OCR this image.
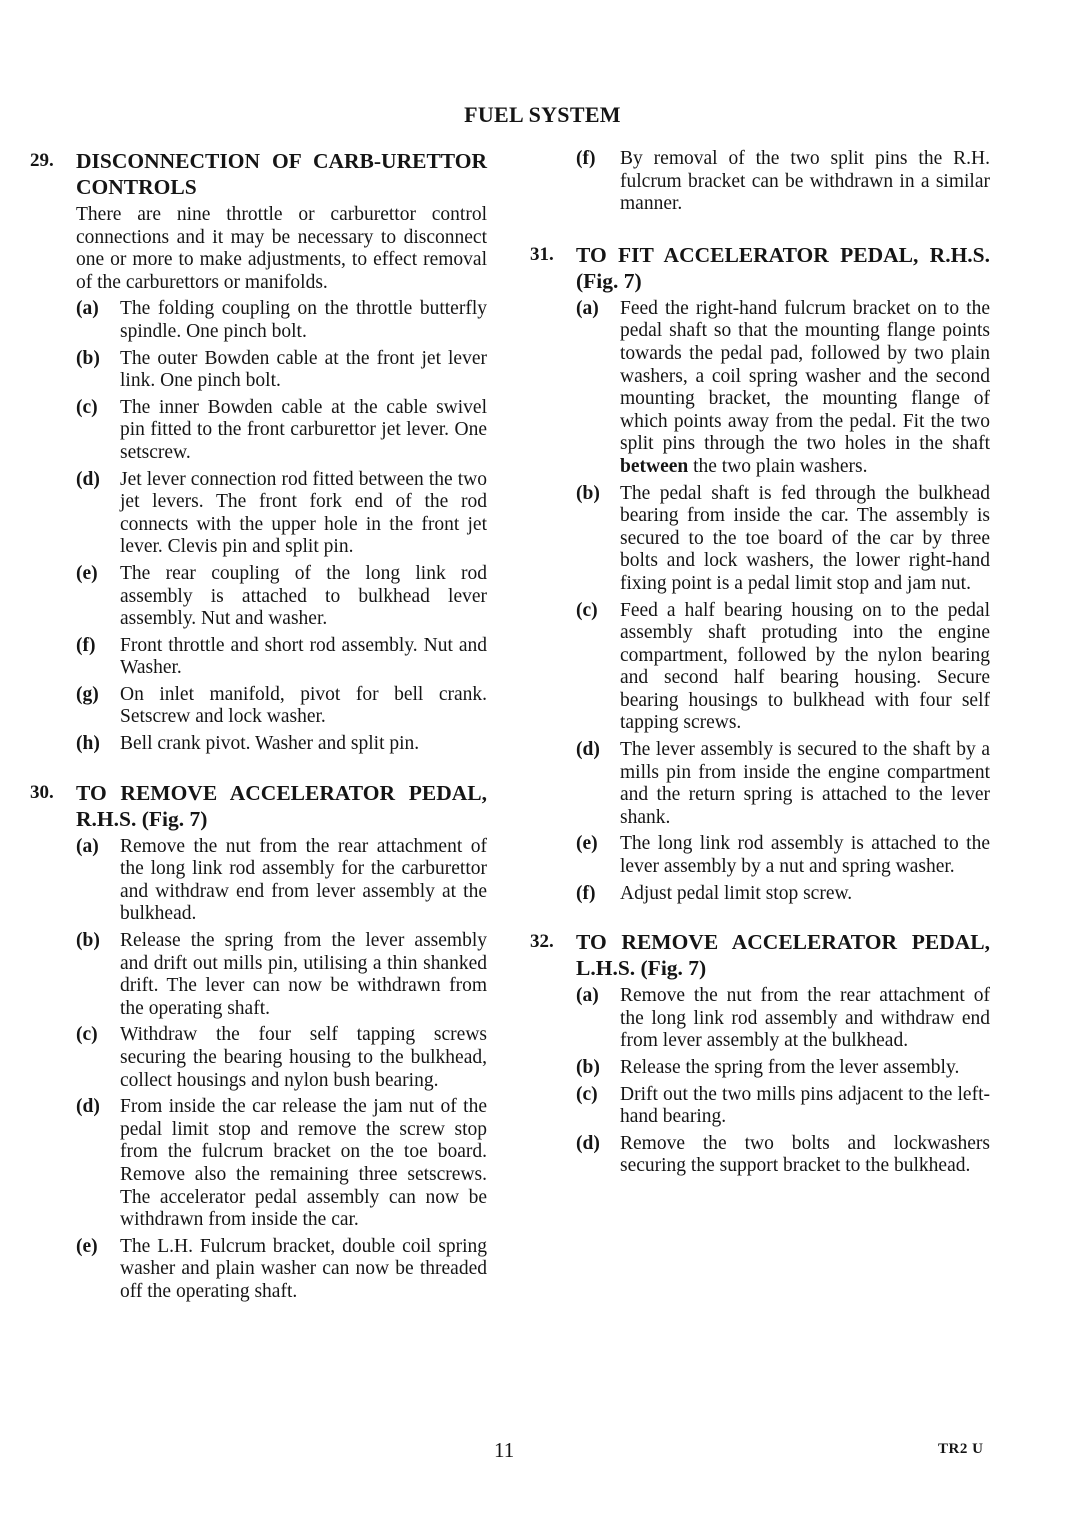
FUEL SYSTEM
29.	DISCONNECTION OF CARB-URETTOR CONTROLS
There are nine throttle or carburettor control connections and it may be necessary to disconnect one or more to make adjustments, to effect removal of the carburettors or manifolds.
(a)	The folding coupling on the throttle butterfly spindle. One pinch bolt.
(b)	The outer Bowden cable at the front jet lever link. One pinch bolt.
(c)	The inner Bowden cable at the cable swivel pin fitted to the front carburettor jet lever. One setscrew.
(d)	Jet lever connection rod fitted between the two jet levers. The front fork end of the rod connects with the upper hole in the front jet lever. Clevis pin and split pin.
(e)	The rear coupling of the long link rod assembly is attached to bulkhead lever assembly. Nut and washer.
(f)	Front throttle and short rod assembly. Nut and Washer.
(g)	On inlet manifold, pivot for bell crank. Setscrew and lock washer.
(h)	Bell crank pivot. Washer and split pin.
30.	TO REMOVE ACCELERATOR PEDAL, R.H.S. (Fig. 7)
(a)	Remove the nut from the rear attachment of the long link rod assembly for the carburettor and withdraw end from lever assembly at the bulkhead.
(b)	Release the spring from the lever assembly and drift out mills pin, utilising a thin shanked drift. The lever can now be withdrawn from the operating shaft.
(c)	Withdraw the four self tapping screws securing the bearing housing to the bulkhead, collect housings and nylon bush bearing.
(d)	From inside the car release the jam nut of the pedal limit stop and remove the screw stop from the fulcrum bracket on the toe board. Remove also the remaining three setscrews. The accelerator pedal assembly can now be withdrawn from inside the car.
(e)	The L.H. Fulcrum bracket, double coil spring washer and plain washer can now be threaded off the operating shaft.
(f)	By removal of the two split pins the R.H. fulcrum bracket can be withdrawn in a similar manner.
31.	TO FIT ACCELERATOR PEDAL, R.H.S. (Fig. 7)
(a)	Feed the right-hand fulcrum bracket on to the pedal shaft so that the mounting flange points towards the pedal pad, followed by two plain washers, a coil spring washer and the second mounting bracket, the mounting flange of which points away from the pedal. Fit the two split pins through the two holes in the shaft between the two plain washers.
(b)	The pedal shaft is fed through the bulkhead bearing from inside the car. The assembly is secured to the toe board of the car by three bolts and lock washers, the lower right-hand fixing point is a pedal limit stop and jam nut.
(c)	Feed a half bearing housing on to the pedal assembly shaft protuding into the engine compartment, followed by the nylon bearing and second half bearing housing. Secure bearing housings to bulkhead with four self tapping screws.
(d)	The lever assembly is secured to the shaft by a mills pin from inside the engine compartment and the return spring is attached to the lever shank.
(e)	The long link rod assembly is attached to the lever assembly by a nut and spring washer.
(f)	Adjust pedal limit stop screw.
32.	TO REMOVE ACCELERATOR PEDAL, L.H.S. (Fig. 7)
(a)	Remove the nut from the rear attachment of the long link rod assembly and withdraw end from lever assembly at the bulkhead.
(b)	Release the spring from the lever assembly.
(c)	Drift out the two mills pins adjacent to the left-hand bearing.
(d)	Remove the two bolts and lockwashers securing the support bracket to the bulkhead.
11	TR2 U
